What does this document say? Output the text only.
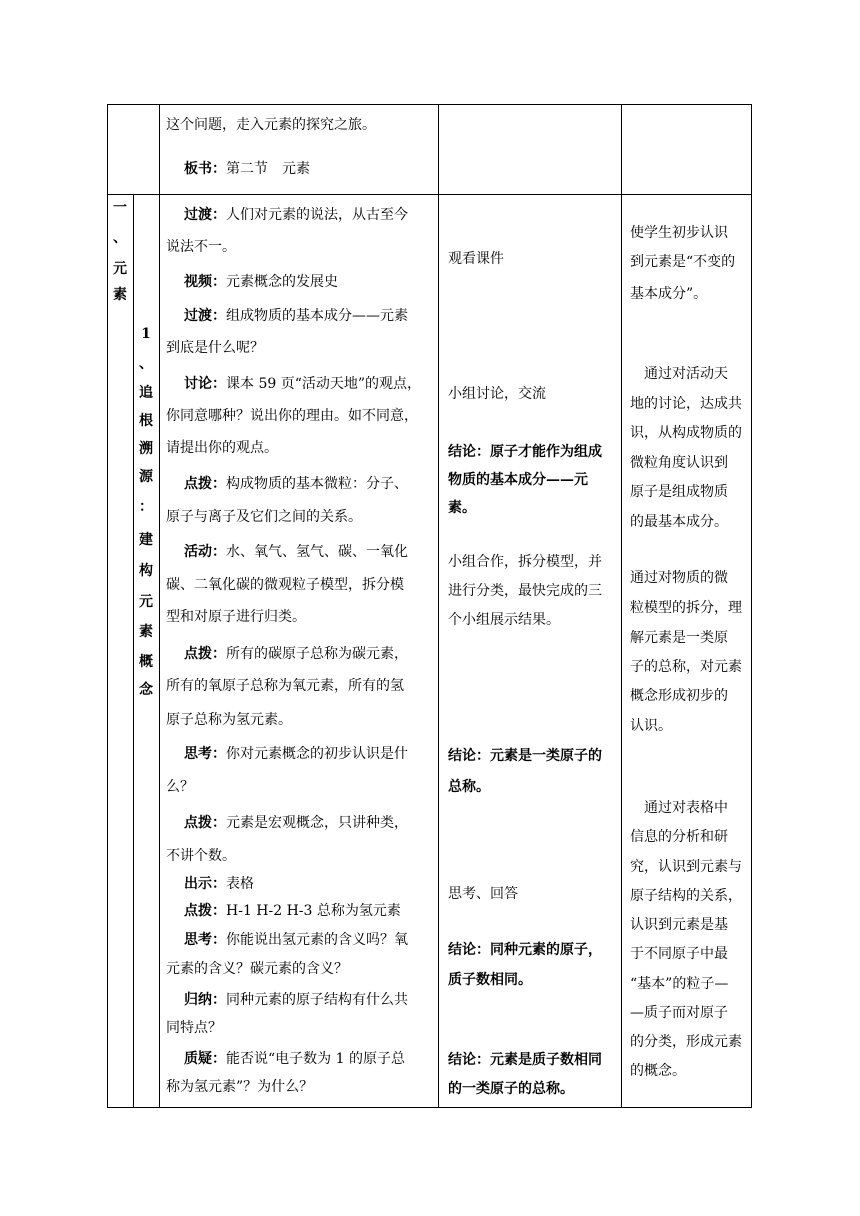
这个问题，走入元素的探究之旅。
板书：第二节　元素
一
、
元
素
1
、
追
根
溯
源
：
建
构
元
素
概
念
过渡：人们对元素的说法，从古至今
说法不一。
视频：元素概念的发展史
过渡：组成物质的基本成分——元素
到底是什么呢？
讨论：课本 59 页“活动天地”的观点，
你同意哪种？说出你的理由。如不同意，
请提出你的观点。
点拨：构成物质的基本微粒：分子、
原子与离子及它们之间的关系。
活动：水、氧气、氢气、碳、一氧化
碳、二氧化碳的微观粒子模型，拆分模
型和对原子进行归类。
点拨：所有的碳原子总称为碳元素，
所有的氧原子总称为氧元素，所有的氢
原子总称为氢元素。
思考：你对元素概念的初步认识是什
么？
点拨：元素是宏观概念，只讲种类，
不讲个数。
出示：表格
点拨：H-1 H-2 H-3 总称为氢元素
思考：你能说出氢元素的含义吗？氧
元素的含义？碳元素的含义？
归纳：同种元素的原子结构有什么共
同特点？
质疑：能否说“电子数为 1 的原子总
称为氢元素”？为什么？
观看课件
小组讨论，交流
结论：原子才能作为组成
物质的基本成分——元
素。
小组合作，拆分模型，并
进行分类，最快完成的三
个小组展示结果。
结论：元素是一类原子的
总称。
思考、回答
结论：同种元素的原子，
质子数相同。
结论：元素是质子数相同
的一类原子的总称。
使学生初步认识
到元素是“不变的
基本成分”。
　通过对活动天
地的讨论，达成共
识，从构成物质的
微粒角度认识到
原子是组成物质
的最基本成分。
通过对物质的微
粒模型的拆分，理
解元素是一类原
子的总称，对元素
概念形成初步的
认识。
　通过对表格中
信息的分析和研
究，认识到元素与
原子结构的关系，
认识到元素是基
于不同原子中最
“基本”的粒子—
—质子而对原子
的分类，形成元素
的概念。
